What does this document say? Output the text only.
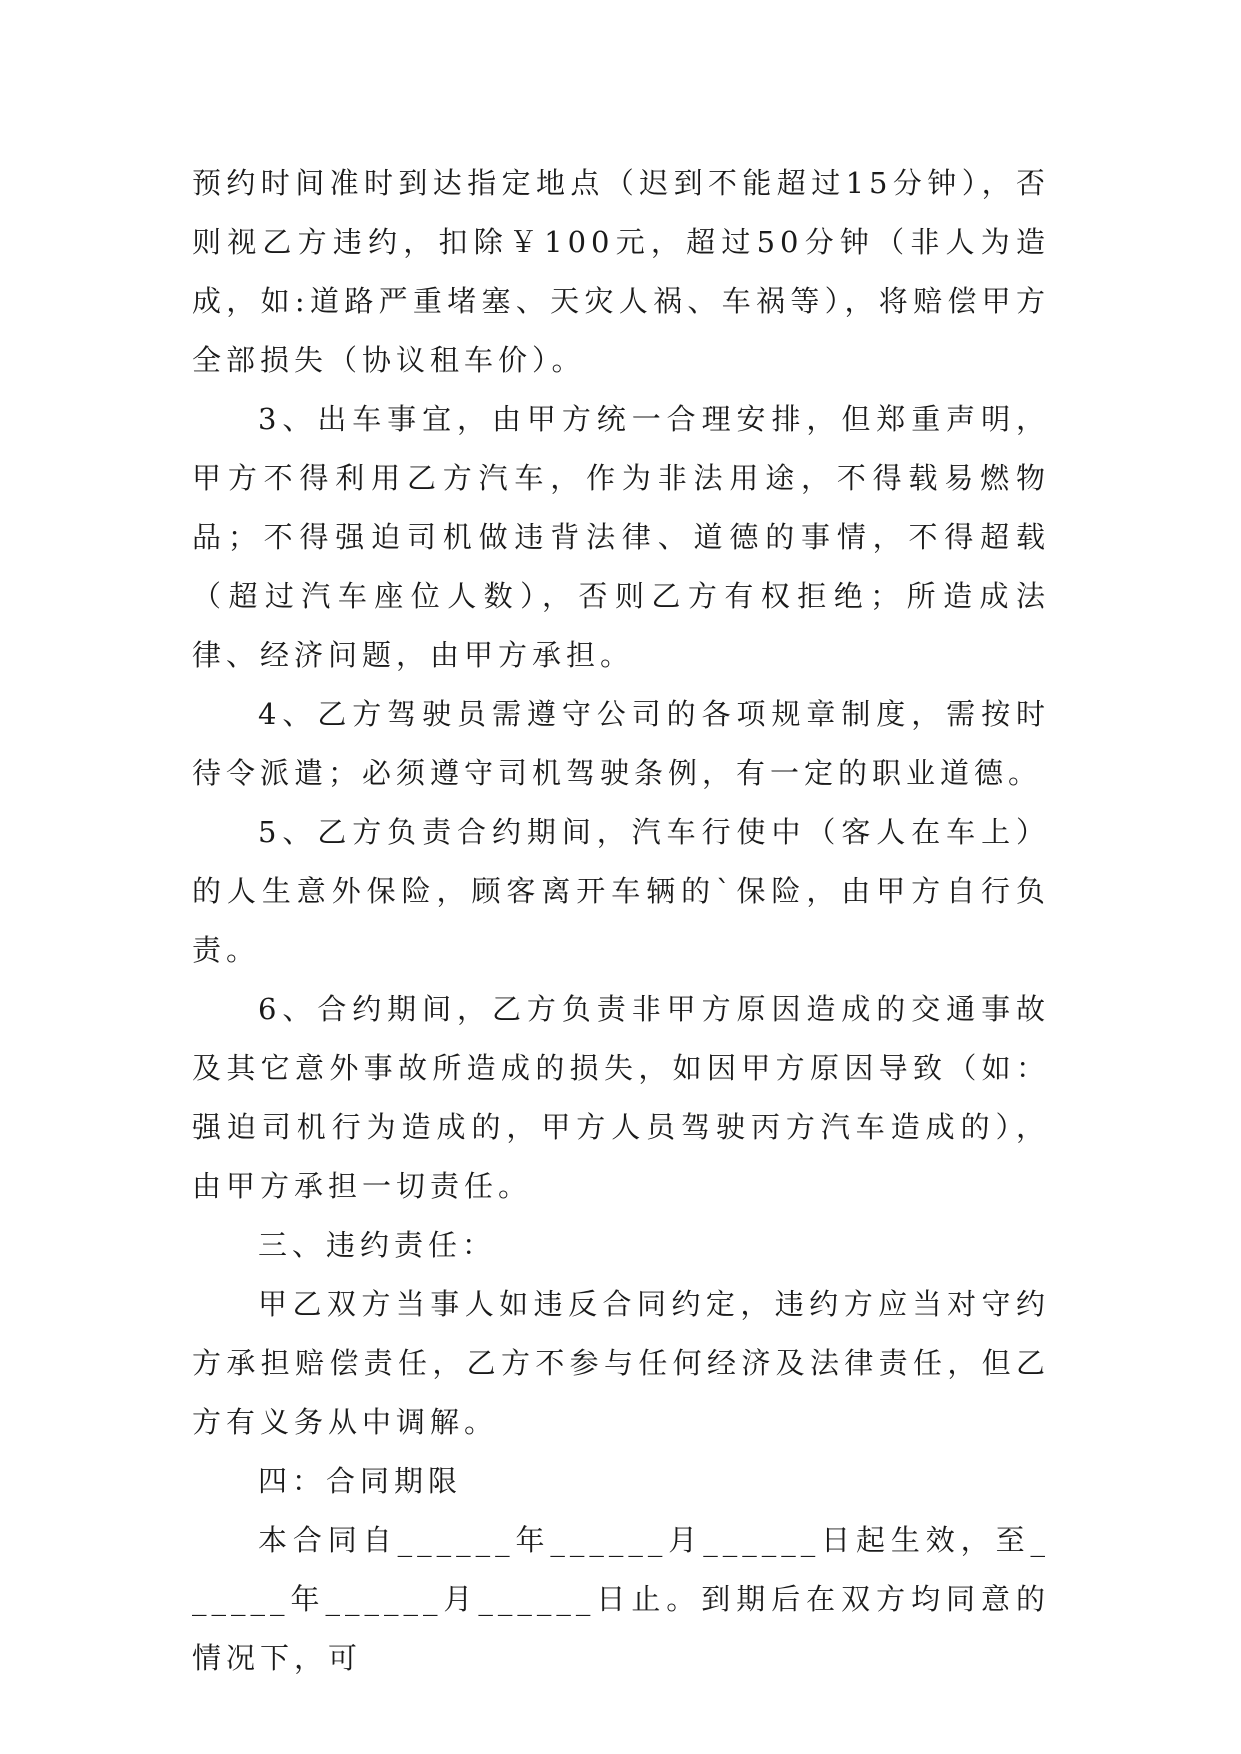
预约时间准时到达指定地点（迟到不能超过15分钟），否则视乙方违约，扣除￥100元，超过50分钟（非人为造成，如:道路严重堵塞、天灾人祸、车祸等），将赔偿甲方全部损失（协议租车价）。

3、出车事宜，由甲方统一合理安排，但郑重声明，甲方不得利用乙方汽车，作为非法用途，不得载易燃物品；不得强迫司机做违背法律、道德的事情，不得超载（超过汽车座位人数），否则乙方有权拒绝；所造成法律、经济问题，由甲方承担。

4、乙方驾驶员需遵守公司的各项规章制度，需按时待令派遣；必须遵守司机驾驶条例，有一定的职业道德。

5、乙方负责合约期间，汽车行使中（客人在车上）的人生意外保险，顾客离开车辆的`保险，由甲方自行负责。

6、合约期间，乙方负责非甲方原因造成的交通事故及其它意外事故所造成的损失，如因甲方原因导致（如：强迫司机行为造成的，甲方人员驾驶丙方汽车造成的），由甲方承担一切责任。

三、违约责任：

甲乙双方当事人如违反合同约定，违约方应当对守约方承担赔偿责任，乙方不参与任何经济及法律责任，但乙方有义务从中调解。

四：合同期限

本合同自______年______月______日起生效，至______年______月______日止。到期后在双方均同意的情况下，可
